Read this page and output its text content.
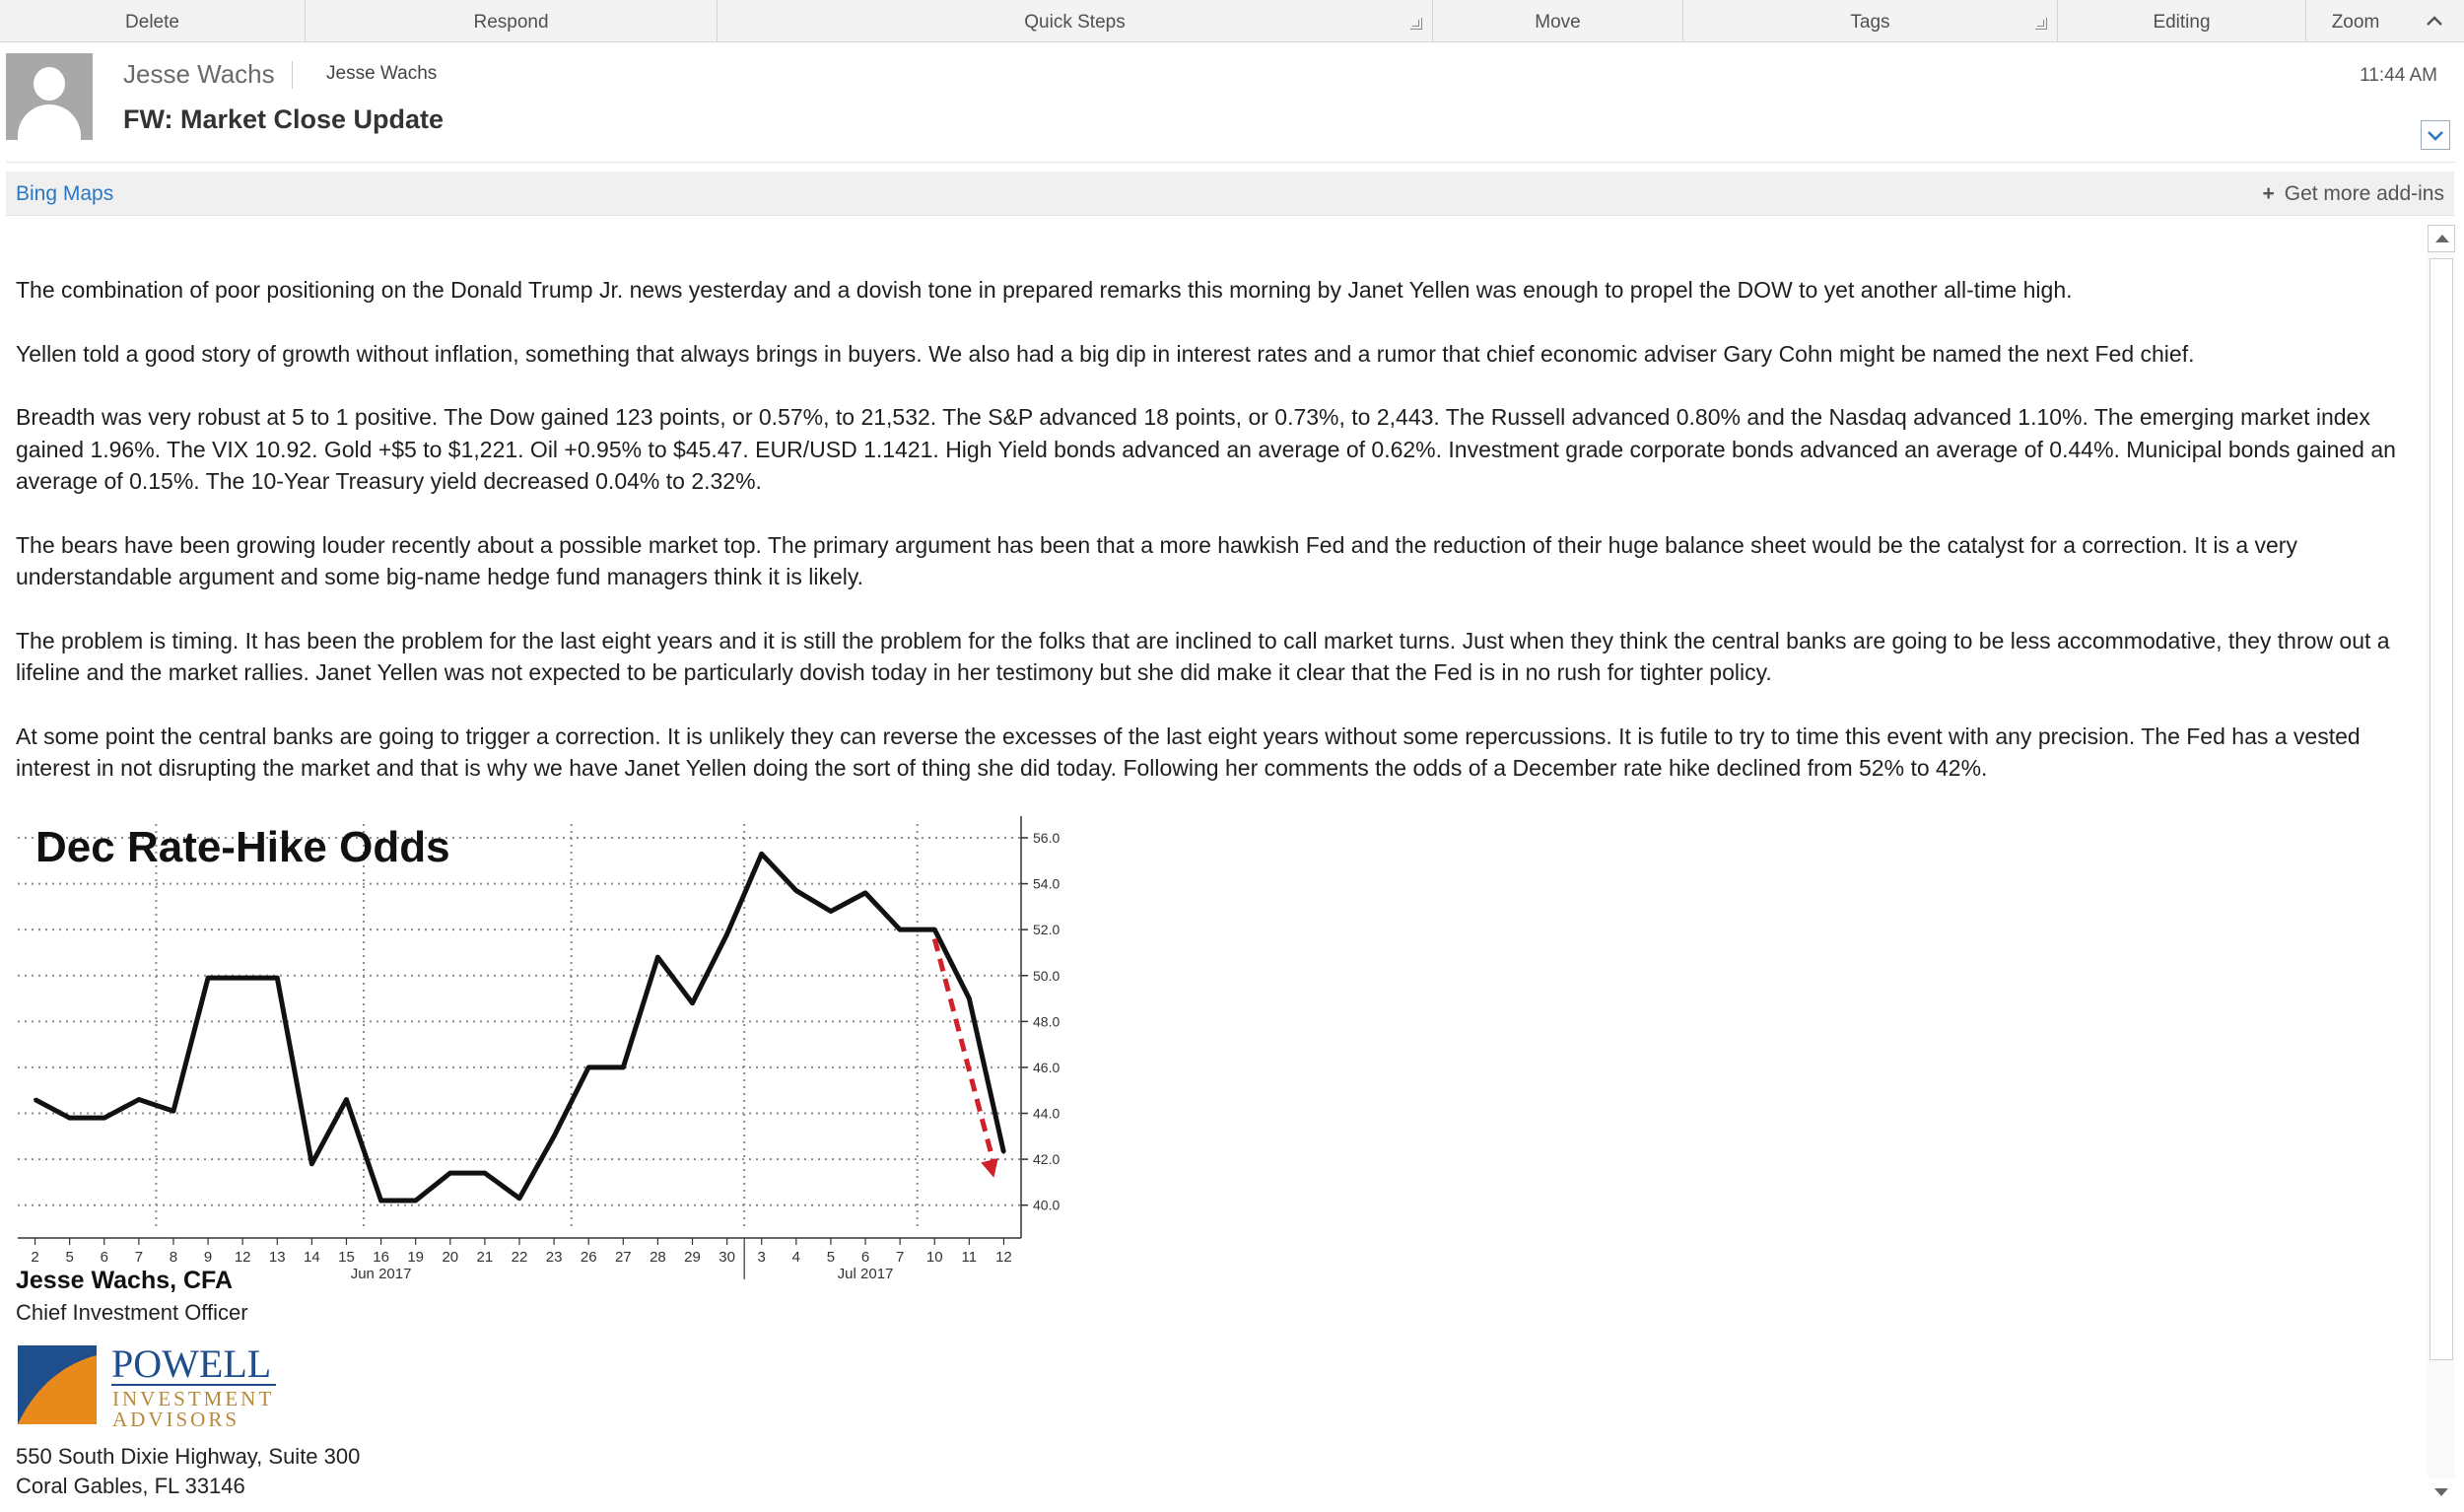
Delete	Respond	Quick Steps	Move	Tags	Editing	Zoom
Jesse Wachs	Jesse Wachs
FW: Market Close Update
11:44 AM
Bing Maps	+ Get more add-ins

The combination of poor positioning on the Donald Trump Jr. news yesterday and a dovish tone in prepared remarks this morning by Janet Yellen was enough to propel the DOW to yet another all-time high.

Yellen told a good story of growth without inflation, something that always brings in buyers. We also had a big dip in interest rates and a rumor that chief economic adviser Gary Cohn might be named the next Fed chief.

Breadth was very robust at 5 to 1 positive. The Dow gained 123 points, or 0.57%, to 21,532. The S&P advanced 18 points, or 0.73%, to 2,443. The Russell advanced 0.80% and the Nasdaq advanced 1.10%. The emerging market index gained 1.96%. The VIX 10.92. Gold +$5 to $1,221. Oil +0.95% to $45.47. EUR/USD 1.1421. High Yield bonds advanced an average of 0.62%. Investment grade corporate bonds advanced an average of 0.44%. Municipal bonds gained an average of 0.15%. The 10-Year Treasury yield decreased 0.04% to 2.32%.

The bears have been growing louder recently about a possible market top. The primary argument has been that a more hawkish Fed and the reduction of their huge balance sheet would be the catalyst for a correction. It is a very understandable argument and some big-name hedge fund managers think it is likely.

The problem is timing. It has been the problem for the last eight years and it is still the problem for the folks that are inclined to call market turns. Just when they think the central banks are going to be less accommodative, they throw out a lifeline and the market rallies. Janet Yellen was not expected to be particularly dovish today in her testimony but she did make it clear that the Fed is in no rush for tighter policy.

At some point the central banks are going to trigger a correction. It is unlikely they can reverse the excesses of the last eight years without some repercussions. It is futile to try to time this event with any precision. The Fed has a vested interest in not disrupting the market and that is why we have Janet Yellen doing the sort of thing she did today. Following her comments the odds of a December rate hike declined from 52% to 42%.

56.0
54.0
52.0
50.0
48.0
46.0
44.0
42.0
40.0
2 5 6 7 8 9 12 13 14 15 16 19 20 21 22 23 26 27 28 29 30 3 4 5 6 7 10 11 12
Jun 2017	Jul 2017
Dec Rate-Hike Odds
Jesse Wachs, CFA
Chief Investment Officer
POWELL
INVESTMENT
ADVISORS
550 South Dixie Highway, Suite 300
Coral Gables, FL 33146
